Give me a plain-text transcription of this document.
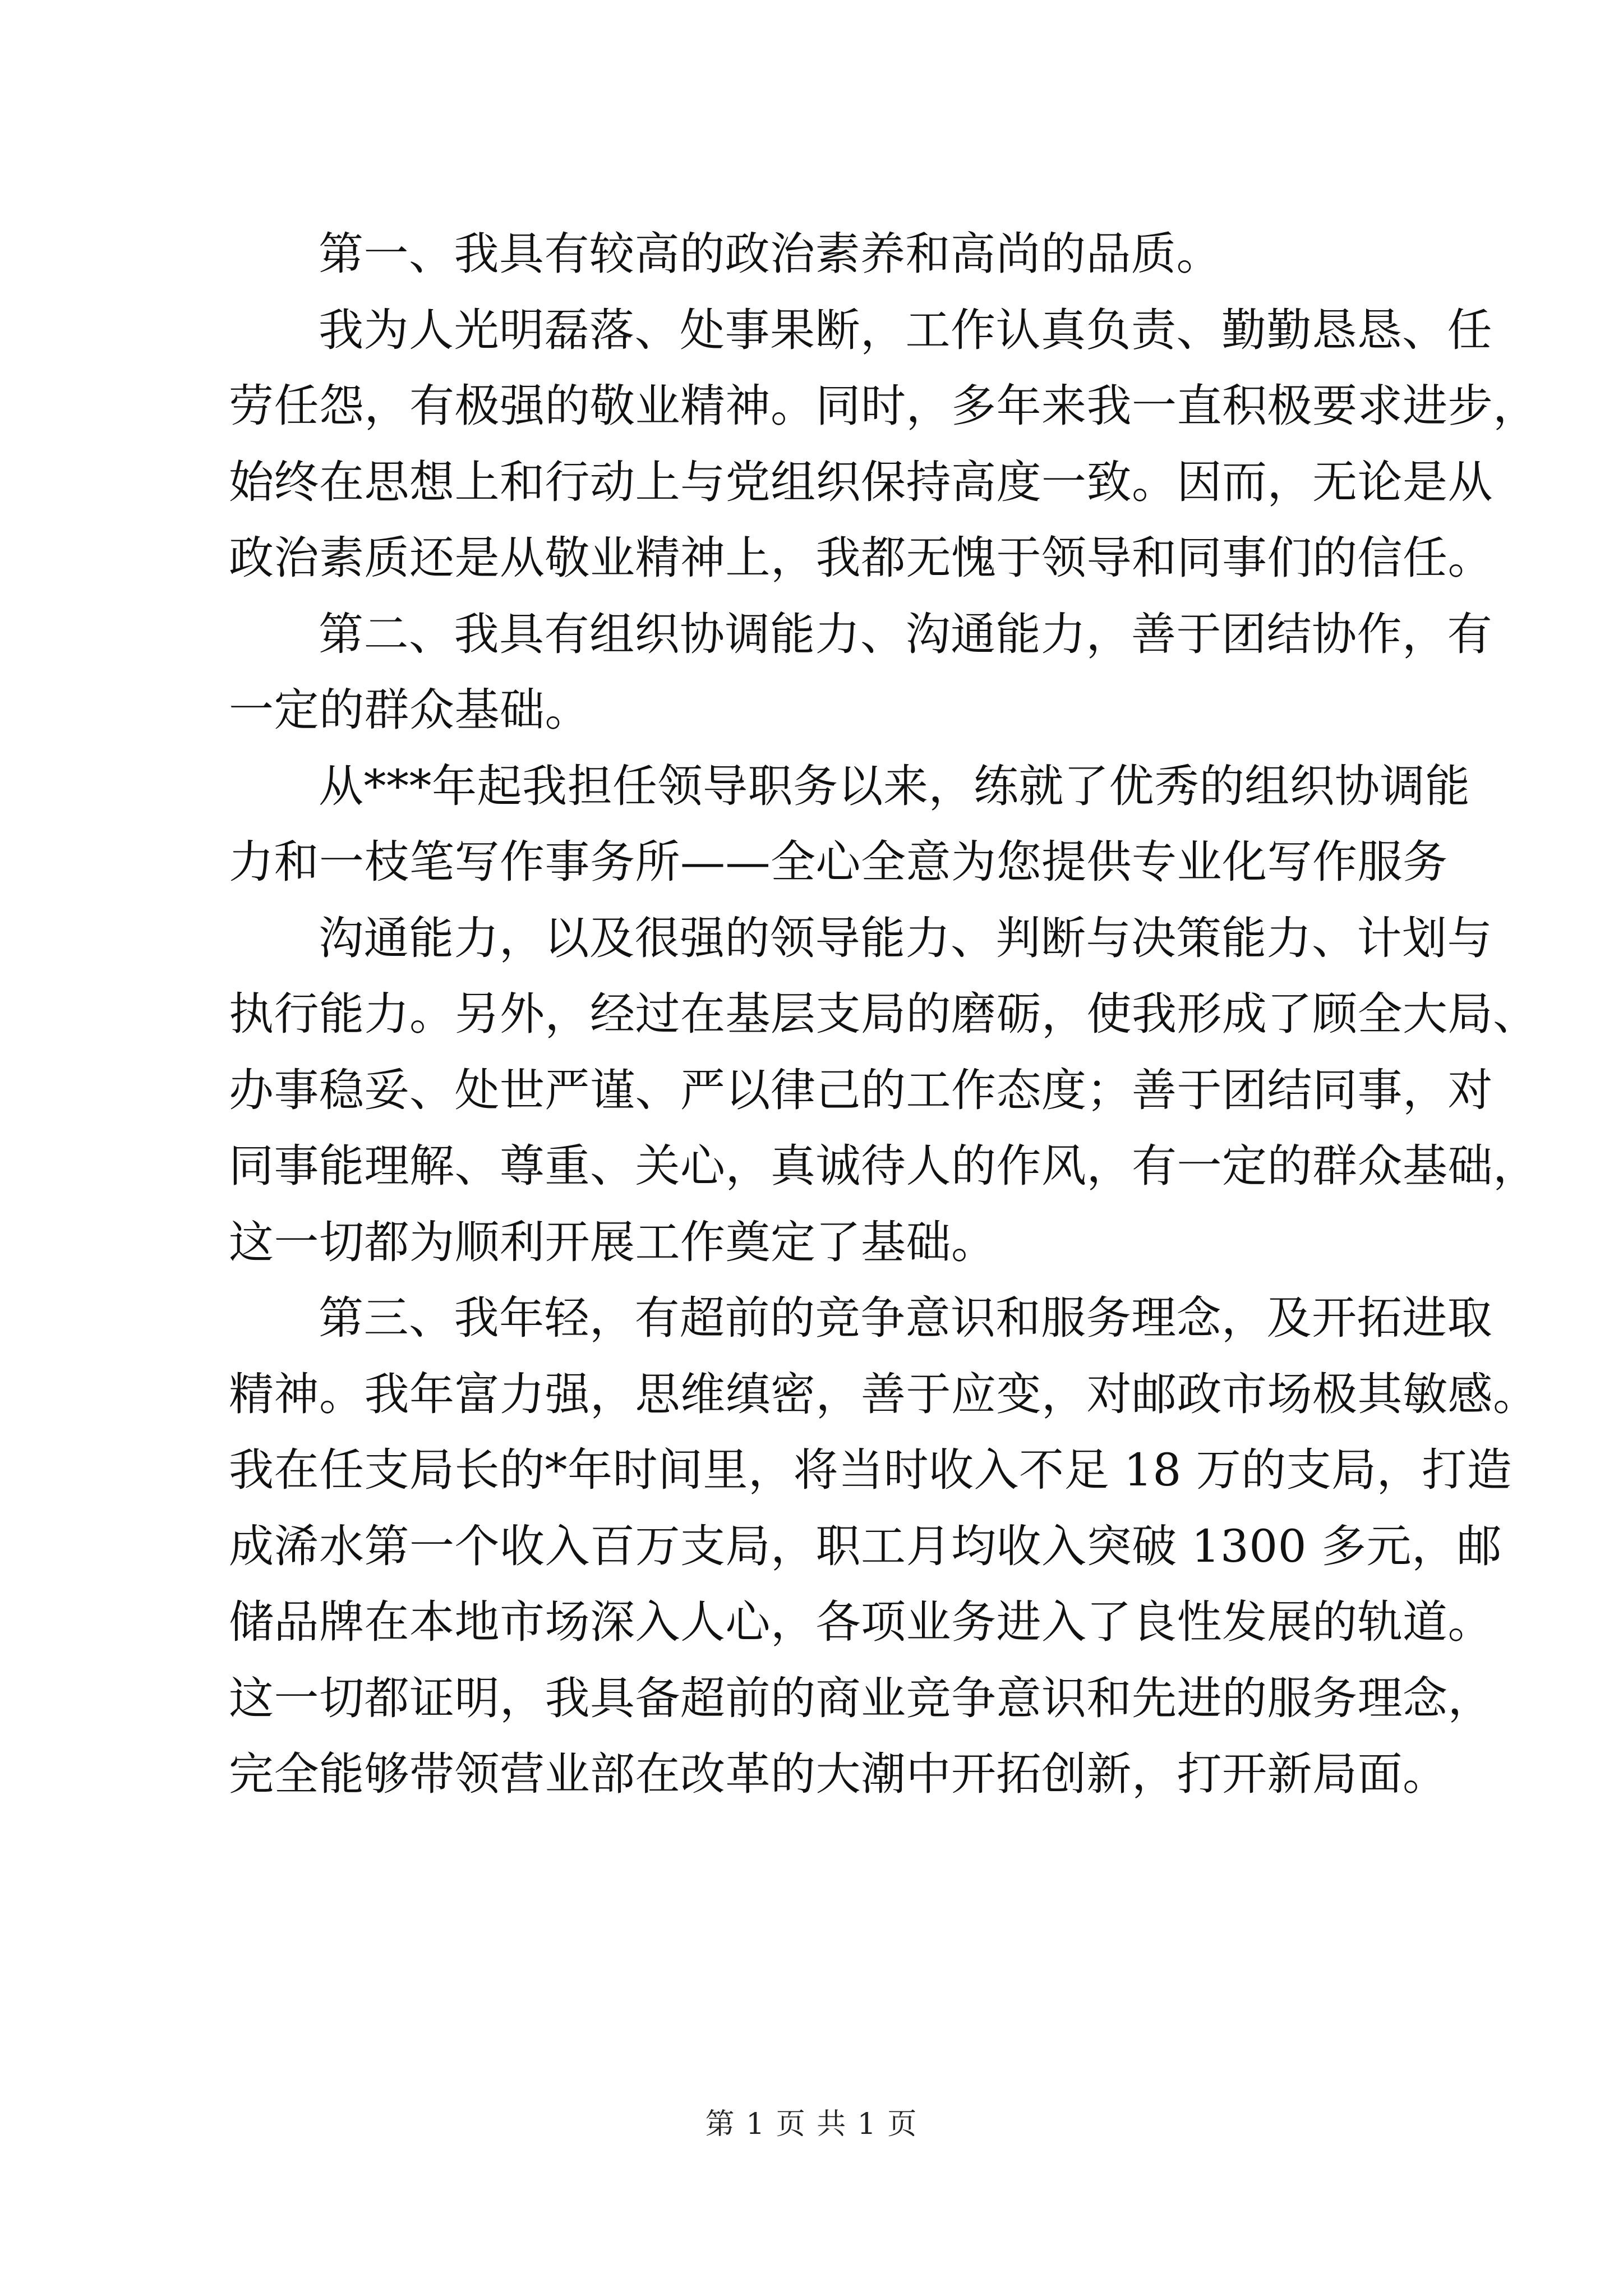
第一、我具有较高的政治素养和高尚的品质。

我为人光明磊落、处事果断，工作认真负责、勤勤恳恳、任
劳任怨，有极强的敬业精神。同时，多年来我一直积极要求进步，
始终在思想上和行动上与党组织保持高度一致。因而，无论是从
政治素质还是从敬业精神上，我都无愧于领导和同事们的信任。

第二、我具有组织协调能力、沟通能力，善于团结协作，有
一定的群众基础。

从***年起我担任领导职务以来，练就了优秀的组织协调能
力和一枝笔写作事务所——全心全意为您提供专业化写作服务

沟通能力，以及很强的领导能力、判断与决策能力、计划与
执行能力。另外，经过在基层支局的磨砺，使我形成了顾全大局、
办事稳妥、处世严谨、严以律己的工作态度；善于团结同事，对
同事能理解、尊重、关心，真诚待人的作风，有一定的群众基础，
这一切都为顺利开展工作奠定了基础。

第三、我年轻，有超前的竞争意识和服务理念，及开拓进取
精神。我年富力强，思维缜密，善于应变，对邮政市场极其敏感。
我在任支局长的*年时间里，将当时收入不足 18 万的支局，打造
成浠水第一个收入百万支局，职工月均收入突破 1300 多元，邮
储品牌在本地市场深入人心，各项业务进入了良性发展的轨道。
这一切都证明，我具备超前的商业竞争意识和先进的服务理念，
完全能够带领营业部在改革的大潮中开拓创新，打开新局面。

第 1 页 共 1 页
